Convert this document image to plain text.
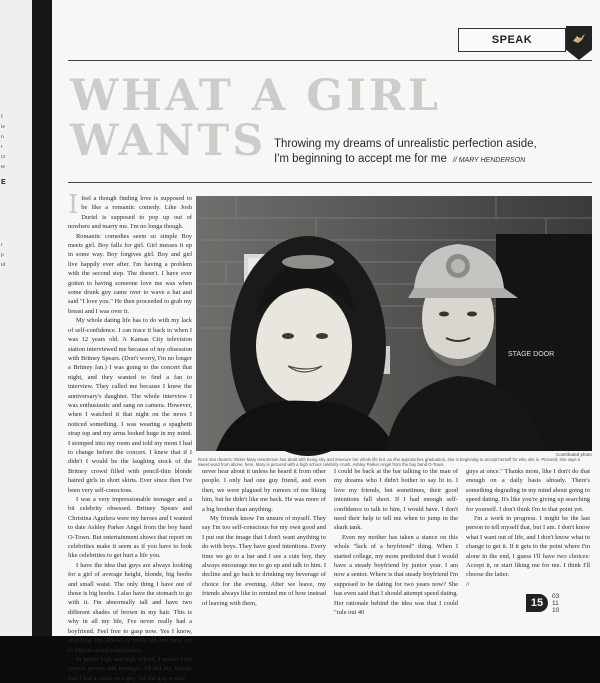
f
le
n
t
ct
te
E
r
p
ld
SPEAK
WHAT A GIRL
WANTS Throwing my dreams of unrealistic perfection aside,
I'm beginning to accept me for me // MARY HENDERSON

Ifeel a though finding love is supposed to be like a romantic comedy. Like Josh Duriel is supposed to pop up out of nowhere and marry me. I'm no longa though.

Romantic comedies seem so simple Boy meets girl. Boy falls for girl. Girl messes it up in some way. Boy forgives girl. Boy and girl live happily ever after. I'm having a problem with the second step. The doesn't. I have ever gotten to having someone love me was when some drunk guy came over to wave a hat and said "I love you." He then proceeded to grab my breast and I was over it.

My whole dating life has to do with my lack of self-confidence. I can trace it back to when I was 12 years old. A Kansas City television station interviewed me because of my obsession with Britney Spears. (Don't worry, I'm no longer a Britney fan.) I was going to the concert that night, and they wanted to find a fan to interview. They called me because I knew the anniversary's daughter. The whole interview I was enthusiastic and sang on camera. However, when I watched it that night on the news I noticed something. I was wearing a spaghetti strap top and my arms looked huge in my mind. I stomped into my room and told my mom I had to change before the concert. I knew that if I didn't I would be the laughing stock of the Britney crowd filled with pencil-thin blonde haired girls in short skirts. Ever since then I've been very self-conscious.

I was a very impressionable teenager and a bit celebrity obsessed. Britney Spears and Christina Aguilera were my heroes and I wanted to date Ashley Parker Angel from the boy band O-Town. But entertainment shows that report on celebrities make it seem as if you have to look like celebrities to get hurt a life you.

I have the idea that guys are always looking for a girl of average height, blonde, big boobs and small waist. The only thing I have out of those is big boobs. I also have the stomach to go with it. I'm abnormally tall and have two different shades of brown in my hair. This is why in all my life, I've never really had a boyfriend. Feel free to gasp now. Yes I know, shocking. I'm almost 22 years old and have yet to find an actual relationship.

In junior high and high school, I wasn't your typical person and teenager. I'd tell my friends that I had a crush on a guy, but the guy would

STAGE DOOR
Contributed photo
Rock star dreams: Writer Mary Henderson has dealt with being shy and insecure her whole life but, as she approaches graduation, she is beginning to accept herself for who she is. Pictured, she says a sweet word from above, here, Mary is pictured with a high school celebrity crush, Ashley Parker Angel from the boy band O-Town.

never hear about it unless he heard it from other people. I only had one guy friend, and even then, we were plagued by rumors of me liking him, but he didn't like me back. He was more of a big brother than anything.

My friends know I'm unsure of myself. They say I'm too self-conscious for my own good and I put out the image that I don't want anything to do with boys. They have good intentions. Every time we go to a bar and I see a cute boy, they always encourage me to go up and talk to him. I decline and go back to drinking my beverage of choice for the evening. After we leave, my friends always like to remind me of how instead of leaving with them,

I could be back at the bar talking to the man of my dreams who I didn't bother to say hi to. I love my friends, but sometimes, their good intentions fall short. If I had enough self-confidence to talk to him, I would have. I don't need their help to tell me when to jump in the shark tank.

Even my mother has taken a stance on this whole "lack of a boyfriend" thing. When I started college, my mom predicted that I would have a steady boyfriend by junior year. I am now a senior. Where is that steady boyfriend I'm supposed to be dating for two years now? She has even said that I should attempt speed dating. Her rationale behind the idea was that I could "rule out 40

guys at once." Thanks mom, like I don't do that enough on a daily basis already. There's something degrading in my mind about going to speed dating. It's like you're giving up searching for yourself. I don't think I'm to that point yet.

I'm a work in progress. I might be the last person to tell myself that, but I am. I don't know what I want out of life, and I don't know what to change to get it. If it gets to the point where I'm alone in the end, I guess I'll have two choices: Accept it, or start liking me for me. I think I'll choose the latter.

//

15
03
11
10
